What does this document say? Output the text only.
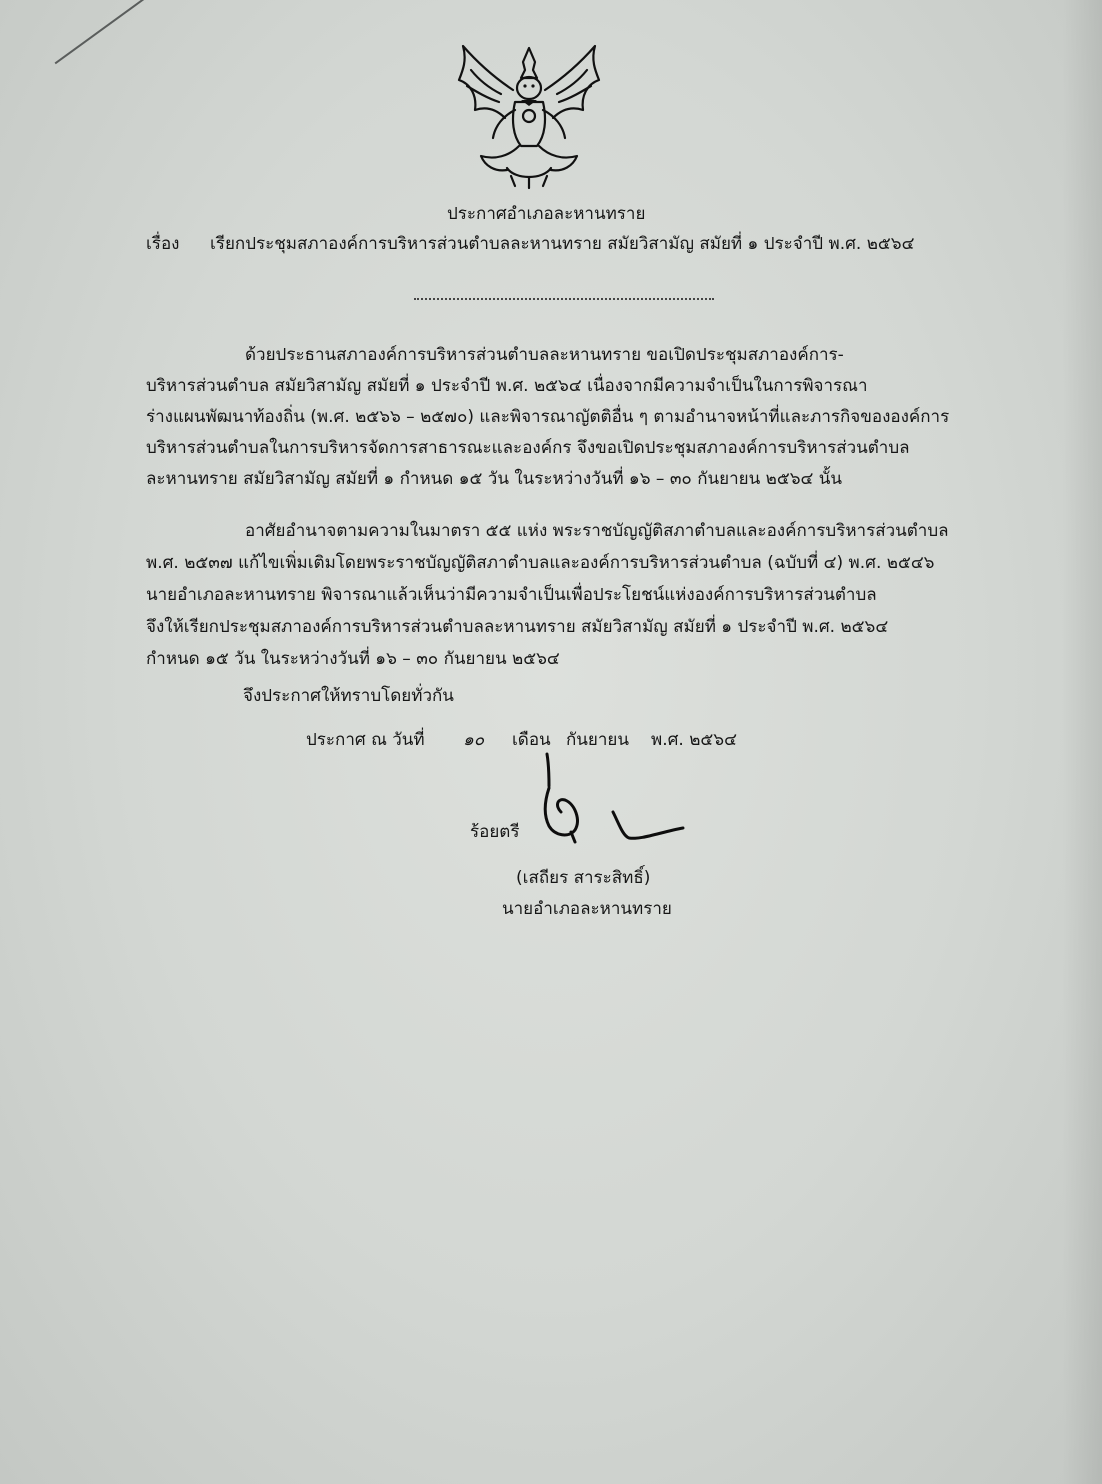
ประกาศอำเภอละหานทราย
เรื่อง เรียกประชุมสภาองค์การบริหารส่วนตำบลละหานทราย สมัยวิสามัญ สมัยที่ ๑ ประจำปี พ.ศ. ๒๕๖๔
ด้วยประธานสภาองค์การบริหารส่วนตำบลละหานทราย ขอเปิดประชุมสภาองค์การ-
บริหารส่วนตำบล สมัยวิสามัญ สมัยที่ ๑ ประจำปี พ.ศ. ๒๕๖๔ เนื่องจากมีความจำเป็นในการพิจารณา
ร่างแผนพัฒนาท้องถิ่น (พ.ศ. ๒๕๖๖ – ๒๕๗๐) และพิจารณาญัตติอื่น ๆ ตามอำนาจหน้าที่และภารกิจขององค์การ
บริหารส่วนตำบลในการบริหารจัดการสาธารณะและองค์กร จึงขอเปิดประชุมสภาองค์การบริหารส่วนตำบล
ละหานทราย สมัยวิสามัญ สมัยที่ ๑ กำหนด ๑๕ วัน ในระหว่างวันที่ ๑๖ – ๓๐ กันยายน ๒๕๖๔ นั้น
อาศัยอำนาจตามความในมาตรา ๕๕ แห่ง พระราชบัญญัติสภาตำบลและองค์การบริหารส่วนตำบล
พ.ศ. ๒๕๓๗ แก้ไขเพิ่มเติมโดยพระราชบัญญัติสภาตำบลและองค์การบริหารส่วนตำบล (ฉบับที่ ๔) พ.ศ. ๒๕๔๖
นายอำเภอละหานทราย พิจารณาแล้วเห็นว่ามีความจำเป็นเพื่อประโยชน์แห่งองค์การบริหารส่วนตำบล
จึงให้เรียกประชุมสภาองค์การบริหารส่วนตำบลละหานทราย สมัยวิสามัญ สมัยที่ ๑ ประจำปี พ.ศ. ๒๕๖๔
กำหนด ๑๕ วัน ในระหว่างวันที่ ๑๖ – ๓๐ กันยายน ๒๕๖๔
จึงประกาศให้ทราบโดยทั่วกัน
ประกาศ ณ วันที่ ๑๐ เดือน กันยายน พ.ศ. ๒๕๖๔
ร้อยตรี
(เสถียร สาระสิทธิ์)
นายอำเภอละหานทราย
